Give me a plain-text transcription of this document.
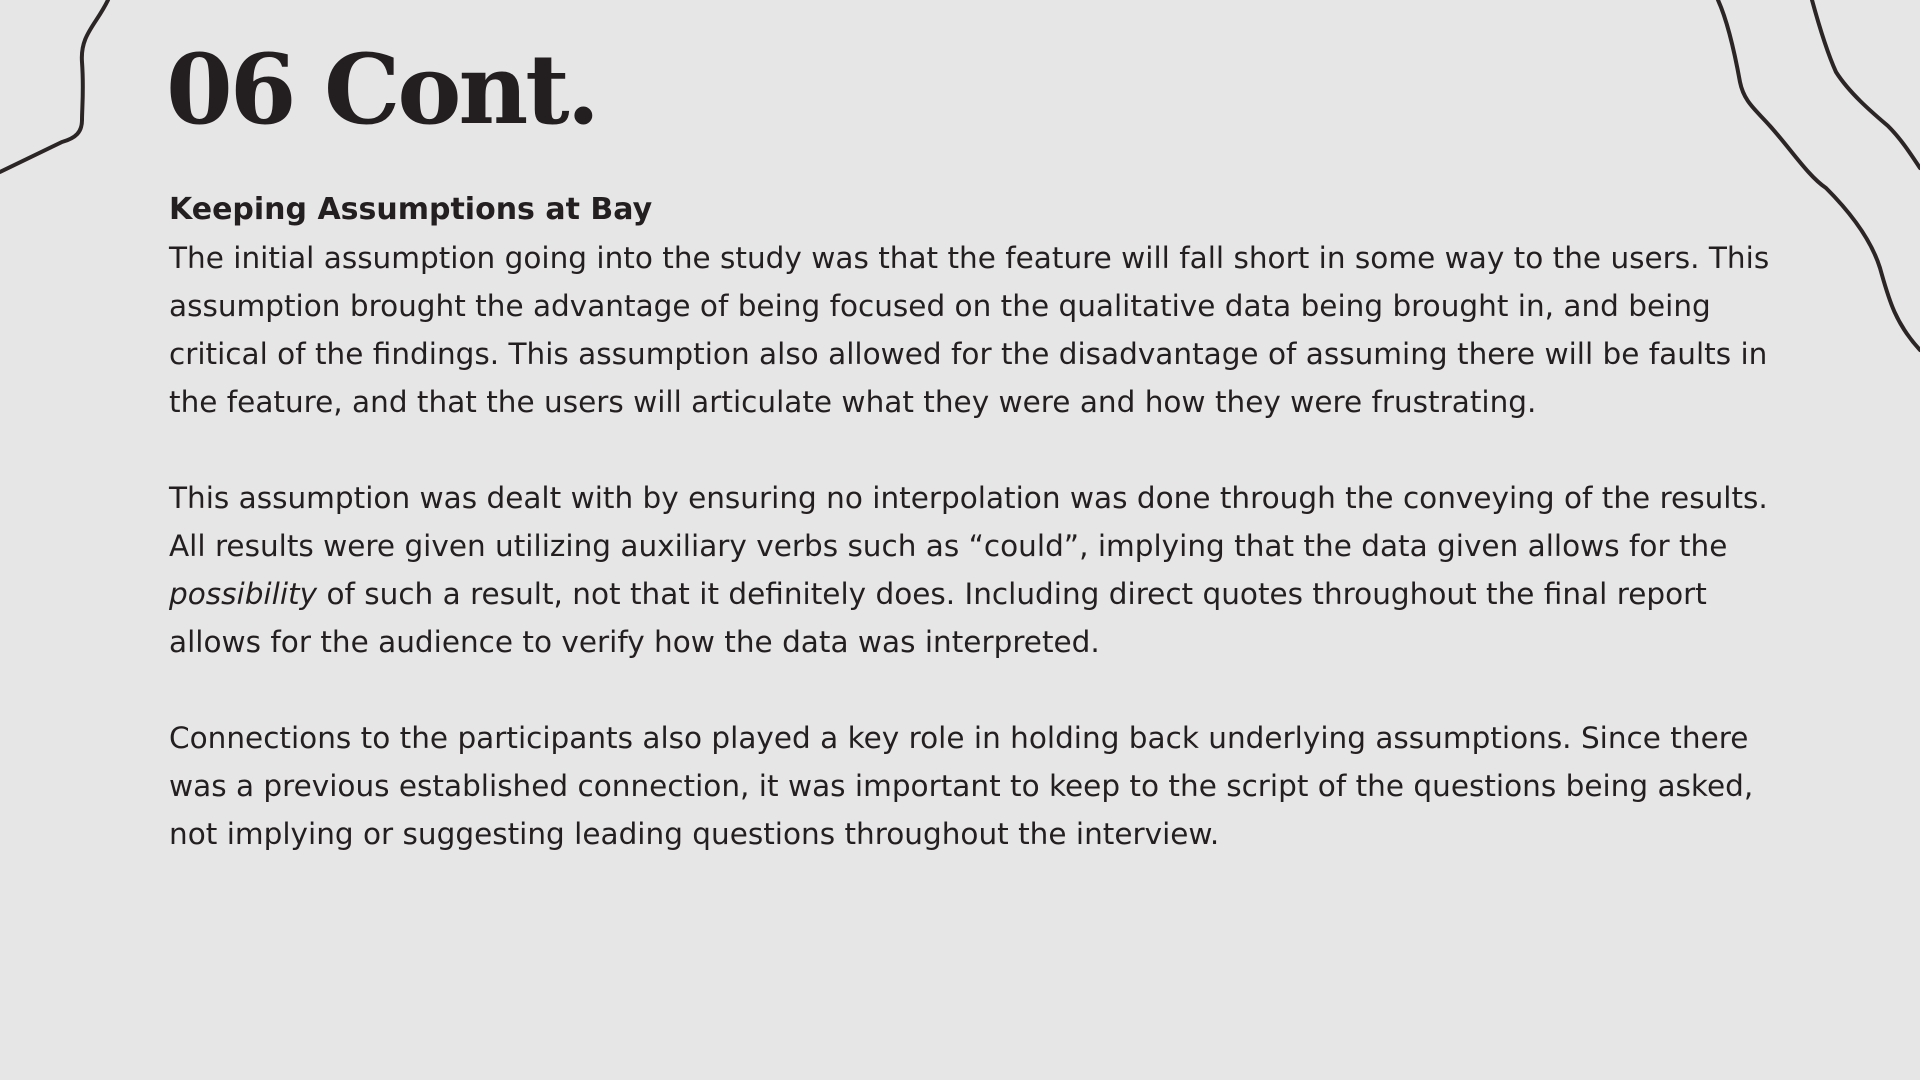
06 Cont.
Keeping Assumptions at Bay

The initial assumption going into the study was that the feature will fall short in some way to the users. This assumption brought the advantage of being focused on the qualitative data being brought in, and being critical of the findings. This assumption also allowed for the disadvantage of assuming there will be faults in the feature, and that the users will articulate what they were and how they were frustrating.

This assumption was dealt with by ensuring no interpolation was done through the conveying of the results. All results were given utilizing auxiliary verbs such as “could”, implying that the data given allows for the possibility of such a result, not that it definitely does. Including direct quotes throughout the final report allows for the audience to verify how the data was interpreted.

Connections to the participants also played a key role in holding back underlying assumptions. Since there was a previous established connection, it was important to keep to the script of the questions being asked, not implying or suggesting leading questions throughout the interview.
